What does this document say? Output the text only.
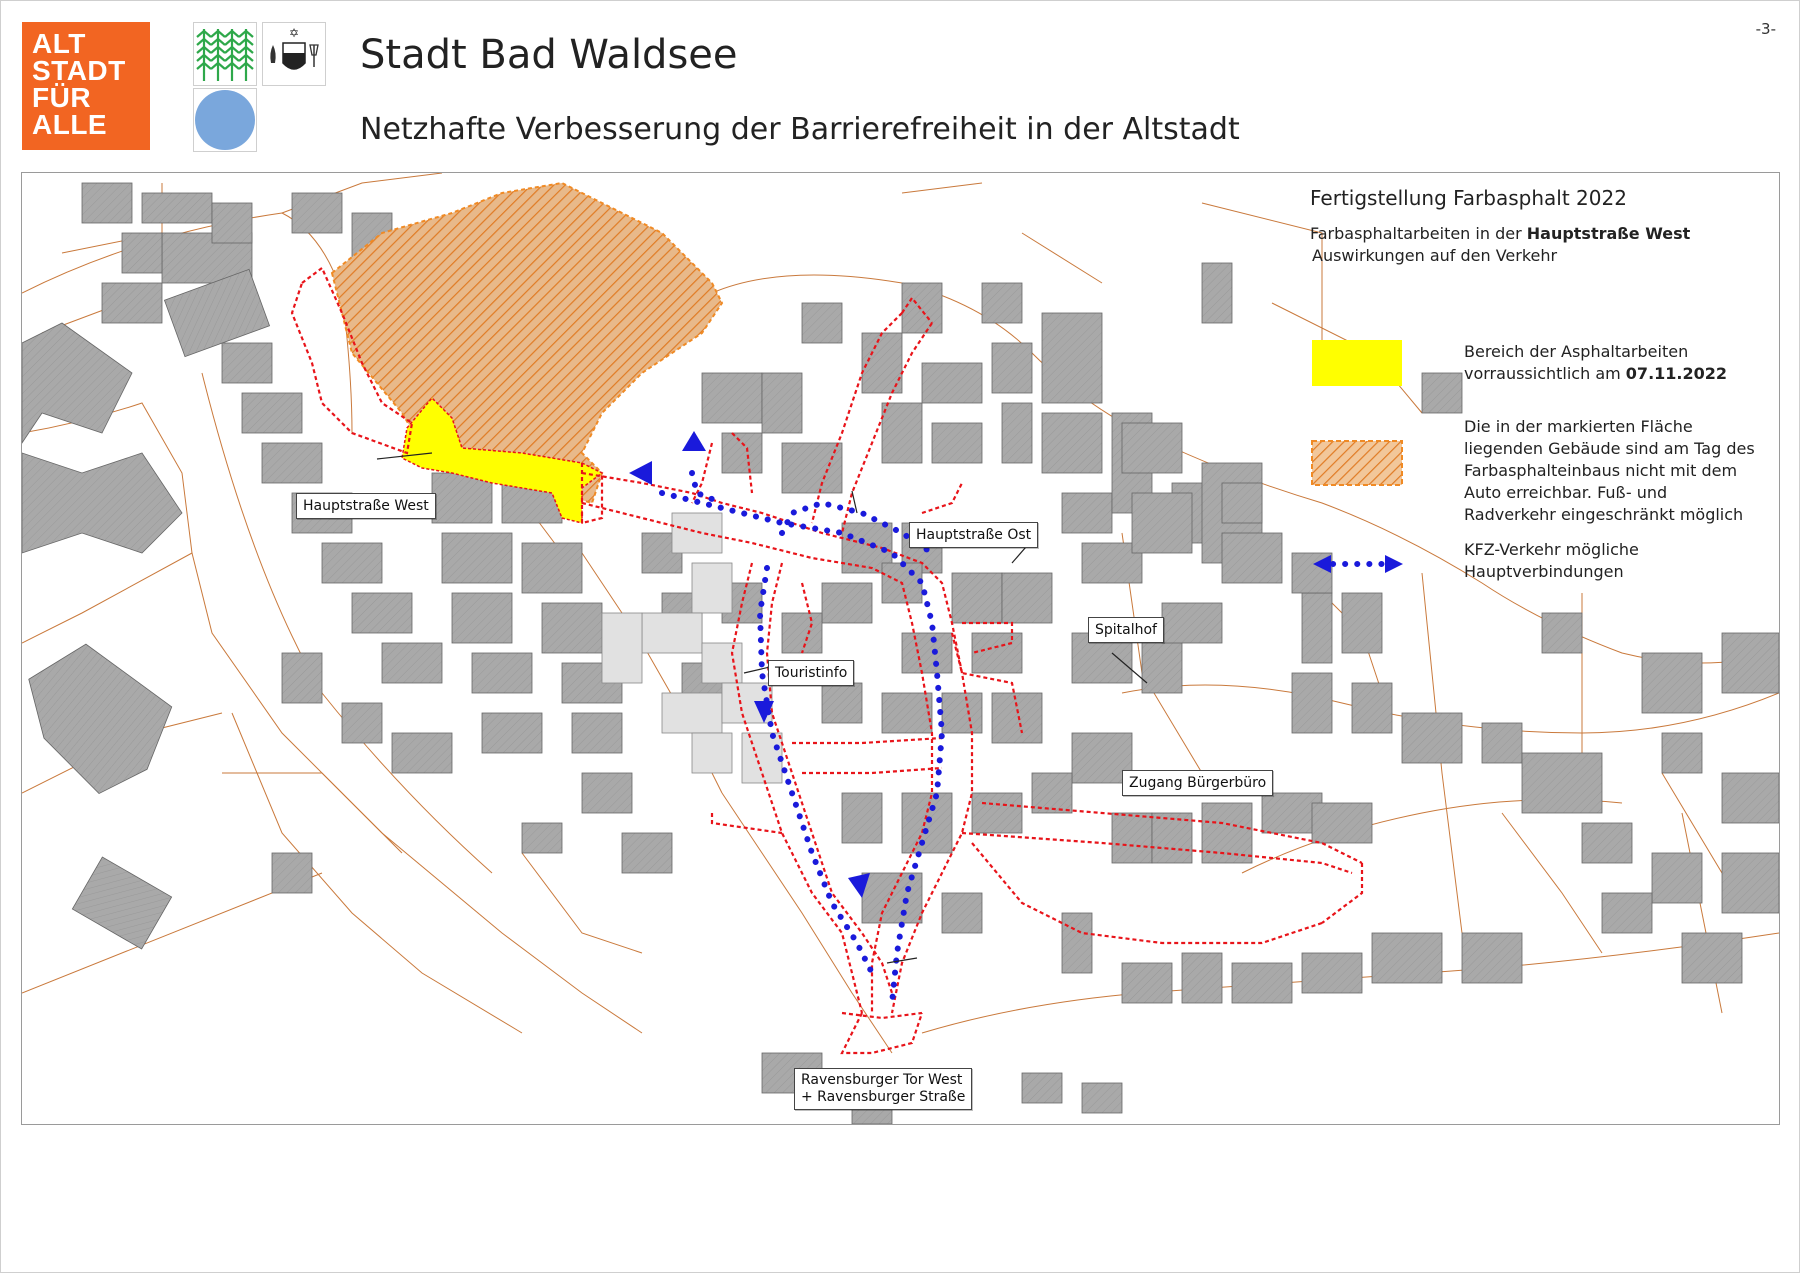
-3-
ALT
STADT
FÜR
ALLE
✡ Stadt Bad Waldsee
Netzhafte Verbesserung der Barrierefreiheit in der Altstadt
Hauptstraße West
Hauptstraße Ost
Spitalhof
Touristinfo
Zugang Bürgerbüro
Ravensburger Tor West
+ Ravensburger Straße
Fertigstellung Farbasphalt 2022
Farbasphaltarbeiten in der Hauptstraße West
Auswirkungen auf den Verkehr
Bereich der Asphaltarbeiten
vorraussichtlich am 07.11.2022
Die in der markierten Fläche
liegenden Gebäude sind am Tag des
Farbasphalteinbaus nicht mit dem
Auto erreichbar. Fuß- und
Radverkehr eingeschränkt möglich
KFZ-Verkehr mögliche
Hauptverbindungen
